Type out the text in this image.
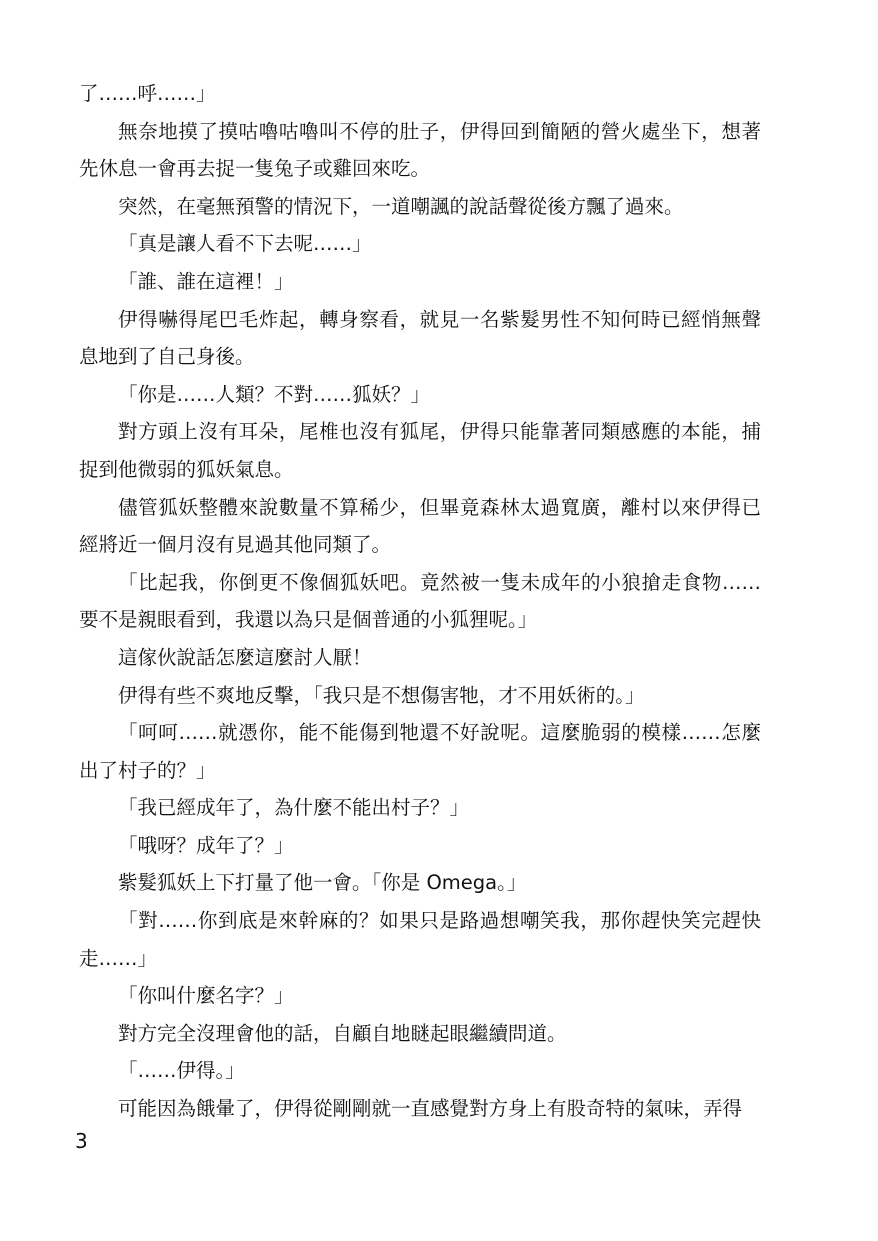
了……呼……」

無奈地摸了摸咕嚕咕嚕叫不停的肚子，伊得回到簡陋的營火處坐下，想著先休息一會再去捉一隻兔子或雞回來吃。

突然，在毫無預警的情況下，一道嘲諷的說話聲從後方飄了過來。

「真是讓人看不下去呢……」

「誰、誰在這裡！」

伊得嚇得尾巴毛炸起，轉身察看，就見一名紫髮男性不知何時已經悄無聲息地到了自己身後。

「你是……人類？不對……狐妖？」

對方頭上沒有耳朵，尾椎也沒有狐尾，伊得只能靠著同類感應的本能，捕捉到他微弱的狐妖氣息。

儘管狐妖整體來說數量不算稀少，但畢竟森林太過寬廣，離村以來伊得已經將近一個月沒有見過其他同類了。

「比起我，你倒更不像個狐妖吧。竟然被一隻未成年的小狼搶走食物……要不是親眼看到，我還以為只是個普通的小狐狸呢。」

這傢伙說話怎麼這麼討人厭！

伊得有些不爽地反擊，「我只是不想傷害牠，才不用妖術的。」

「呵呵……就憑你，能不能傷到牠還不好說呢。這麼脆弱的模樣……怎麼出了村子的？」

「我已經成年了，為什麼不能出村子？」

「哦呀？成年了？」

紫髮狐妖上下打量了他一會。「你是 Omega。」

「對……你到底是來幹麻的？如果只是路過想嘲笑我，那你趕快笑完趕快走……」

「你叫什麼名字？」

對方完全沒理會他的話，自顧自地瞇起眼繼續問道。

「……伊得。」

可能因為餓暈了，伊得從剛剛就一直感覺對方身上有股奇特的氣味，弄得

3
